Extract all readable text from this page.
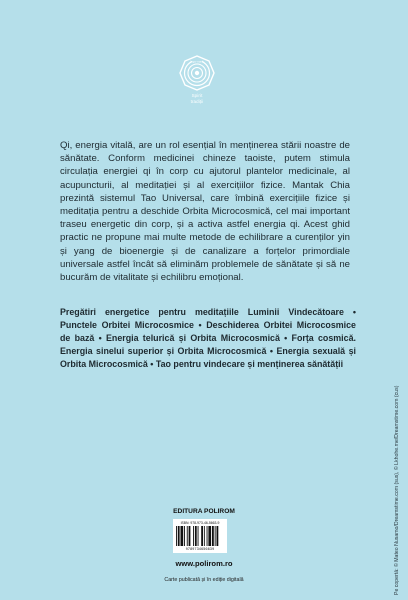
logo-mark
Spirit
tradiții

Qi, energia vitală, are un rol esențial în menținerea stării noastre de sănătate. Conform medicinei chineze taoiste, putem stimula circulația energiei qi în corp cu ajutorul plantelor medicinale, al acupuncturii, al meditației și al exercițiilor fizice. Mantak Chia prezintă sistemul Tao Universal, care îmbină exercițiile fizice și meditația pentru a deschide Orbita Microcosmică, cel mai important traseu energetic din corp, și a activa astfel energia qi. Acest ghid practic ne propune mai multe metode de echilibrare a curenților yin și yang de bioenergie și de canalizare a forțelor primordiale universale astfel încât să eliminăm problemele de sănătate și să ne bucurăm de vitalitate și echilibru emoțional.

Pregătiri energetice pentru meditațiile Luminii Vindecătoare • Punctele Orbitei Microcosmice • Deschiderea Orbitei Microcosmice de bază • Energia telurică și Orbita Microcosmică • Forța cosmică. Energia sinelui superior și Orbita Microcosmică • Energia sexuală și Orbita Microcosmică • Tao pentru vindecare și menținerea sănătății

EDITURA POLIROM
ISBN: 978-973-46-5663-9
9789734656639
www.polirom.ro
Carte publicată și în ediție digitală	Pe copertă: © Mateo Nusamo/Dreamstime.com (sus), © Lkhohe.me/Dreamstime.com (cus)
